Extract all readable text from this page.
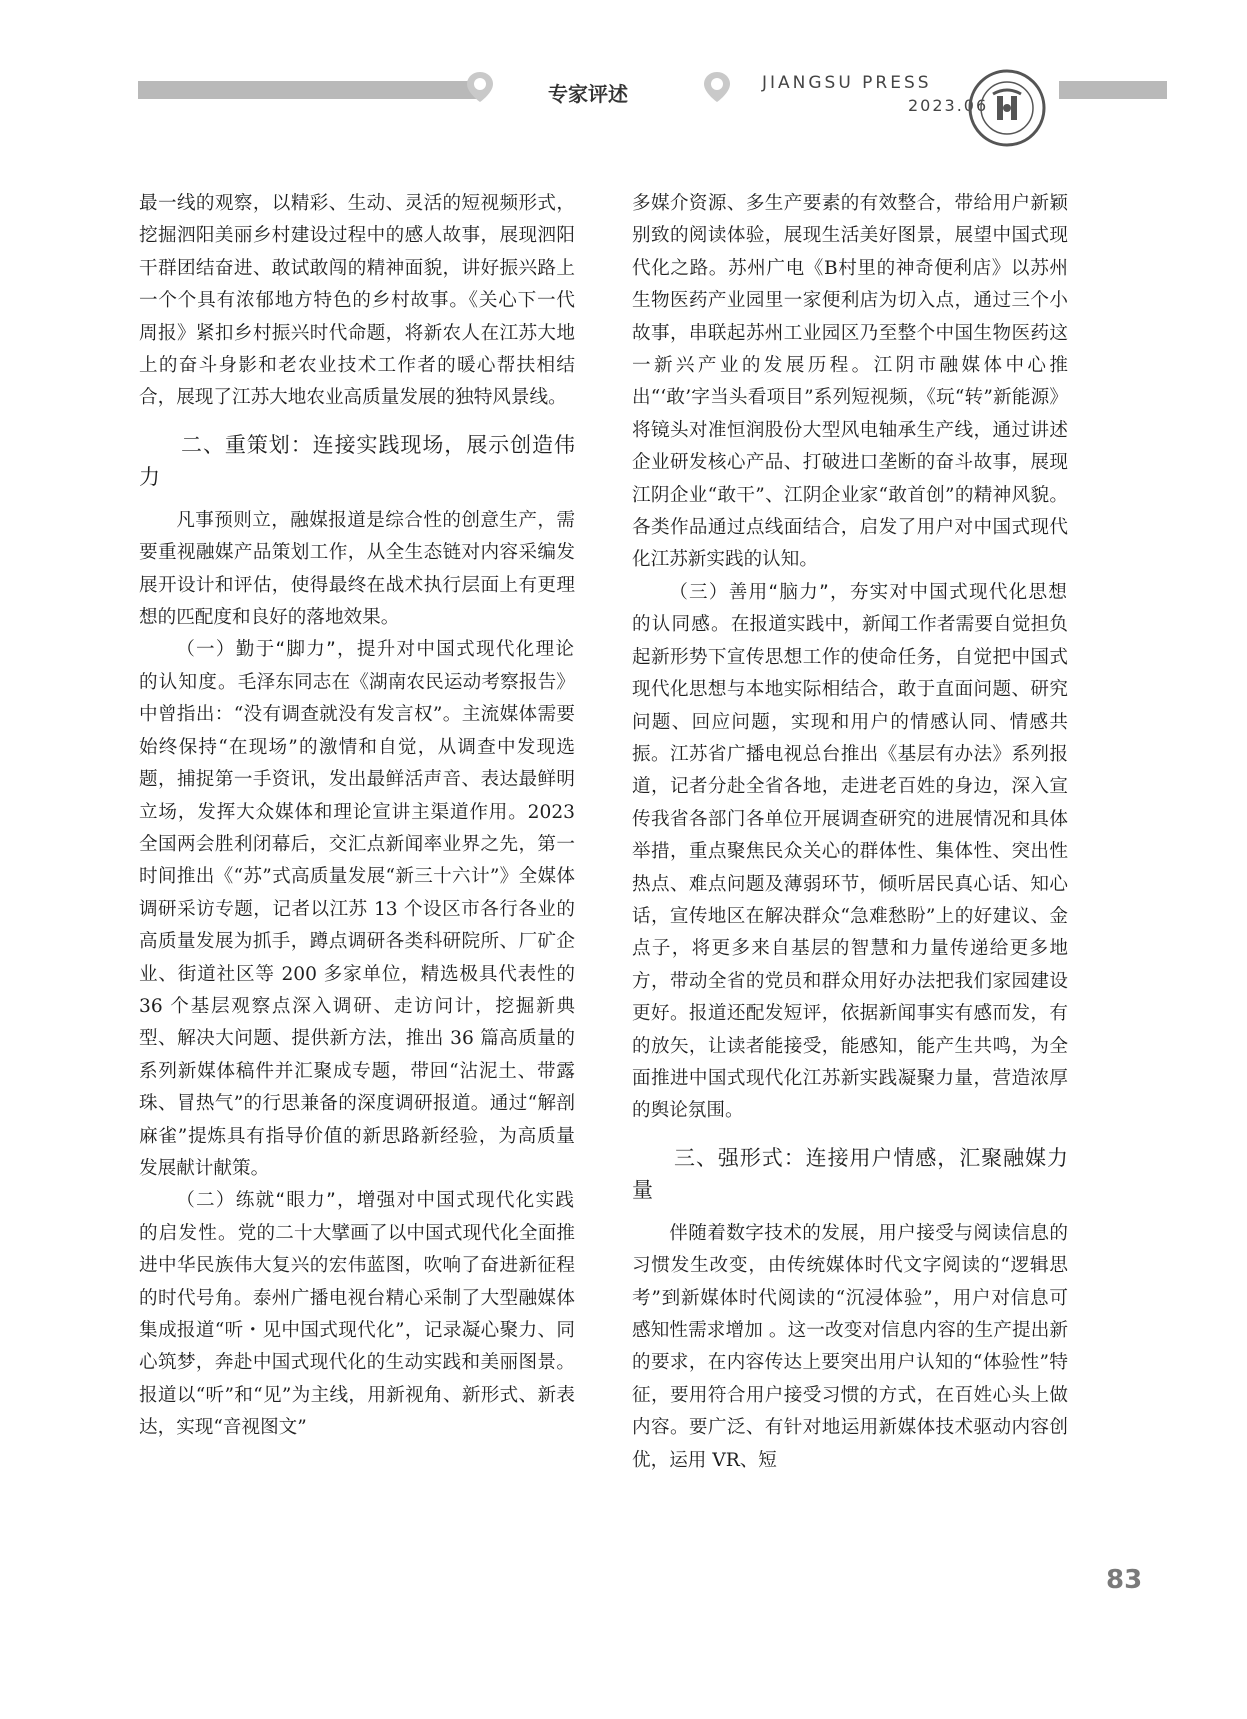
专家评述	JIANGSU PRESS
2023.06

最一线的观察，以精彩、生动、灵活的短视频形式，挖掘泗阳美丽乡村建设过程中的感人故事，展现泗阳干群团结奋进、敢试敢闯的精神面貌，讲好振兴路上一个个具有浓郁地方特色的乡村故事。《关心下一代周报》紧扣乡村振兴时代命题，将新农人在江苏大地上的奋斗身影和老农业技术工作者的暖心帮扶相结合，展现了江苏大地农业高质量发展的独特风景线。

二、重策划：连接实践现场，展示创造伟力

凡事预则立，融媒报道是综合性的创意生产，需要重视融媒产品策划工作，从全生态链对内容采编发展开设计和评估，使得最终在战术执行层面上有更理想的匹配度和良好的落地效果。

（一）勤于“脚力”，提升对中国式现代化理论的认知度。毛泽东同志在《湖南农民运动考察报告》中曾指出：“没有调查就没有发言权”。主流媒体需要始终保持“在现场”的激情和自觉，从调查中发现选题，捕捉第一手资讯，发出最鲜活声音、表达最鲜明立场，发挥大众媒体和理论宣讲主渠道作用。2023 全国两会胜利闭幕后，交汇点新闻率业界之先，第一时间推出《“苏”式高质量发展“新三十六计”》全媒体调研采访专题，记者以江苏 13 个设区市各行各业的高质量发展为抓手，蹲点调研各类科研院所、厂矿企业、街道社区等 200 多家单位，精选极具代表性的 36 个基层观察点深入调研、走访问计，挖掘新典型、解决大问题、提供新方法，推出 36 篇高质量的系列新媒体稿件并汇聚成专题，带回“沾泥土、带露珠、冒热气”的行思兼备的深度调研报道。通过“解剖麻雀”提炼具有指导价值的新思路新经验，为高质量发展献计献策。

（二）练就“眼力”，增强对中国式现代化实践的启发性。党的二十大擘画了以中国式现代化全面推进中华民族伟大复兴的宏伟蓝图，吹响了奋进新征程的时代号角。泰州广播电视台精心采制了大型融媒体集成报道“听・见中国式现代化”，记录凝心聚力、同心筑梦，奔赴中国式现代化的生动实践和美丽图景。报道以“听”和“见”为主线，用新视角、新形式、新表达，实现“音视图文”

多媒介资源、多生产要素的有效整合，带给用户新颖别致的阅读体验，展现生活美好图景，展望中国式现代化之路。苏州广电《B村里的神奇便利店》以苏州生物医药产业园里一家便利店为切入点，通过三个小故事，串联起苏州工业园区乃至整个中国生物医药这一新兴产业的发展历程。江阴市融媒体中心推出“‘敢’字当头看项目”系列短视频，《玩“转”新能源》将镜头对准恒润股份大型风电轴承生产线，通过讲述企业研发核心产品、打破进口垄断的奋斗故事，展现江阴企业“敢干”、江阴企业家“敢首创”的精神风貌。各类作品通过点线面结合，启发了用户对中国式现代化江苏新实践的认知。

（三）善用“脑力”，夯实对中国式现代化思想的认同感。在报道实践中，新闻工作者需要自觉担负起新形势下宣传思想工作的使命任务，自觉把中国式现代化思想与本地实际相结合，敢于直面问题、研究问题、回应问题，实现和用户的情感认同、情感共振。江苏省广播电视总台推出《基层有办法》系列报道，记者分赴全省各地，走进老百姓的身边，深入宣传我省各部门各单位开展调查研究的进展情况和具体举措，重点聚焦民众关心的群体性、集体性、突出性热点、难点问题及薄弱环节，倾听居民真心话、知心话，宣传地区在解决群众“急难愁盼”上的好建议、金点子，将更多来自基层的智慧和力量传递给更多地方，带动全省的党员和群众用好办法把我们家园建设更好。报道还配发短评，依据新闻事实有感而发，有的放矢，让读者能接受，能感知，能产生共鸣，为全面推进中国式现代化江苏新实践凝聚力量，营造浓厚的舆论氛围。

三、强形式：连接用户情感，汇聚融媒力量

伴随着数字技术的发展，用户接受与阅读信息的习惯发生改变，由传统媒体时代文字阅读的“逻辑思考”到新媒体时代阅读的“沉浸体验”，用户对信息可感知性需求增加 。这一改变对信息内容的生产提出新的要求，在内容传达上要突出用户认知的“体验性”特征，要用符合用户接受习惯的方式，在百姓心头上做内容。要广泛、有针对地运用新媒体技术驱动内容创优，运用 VR、短

83
